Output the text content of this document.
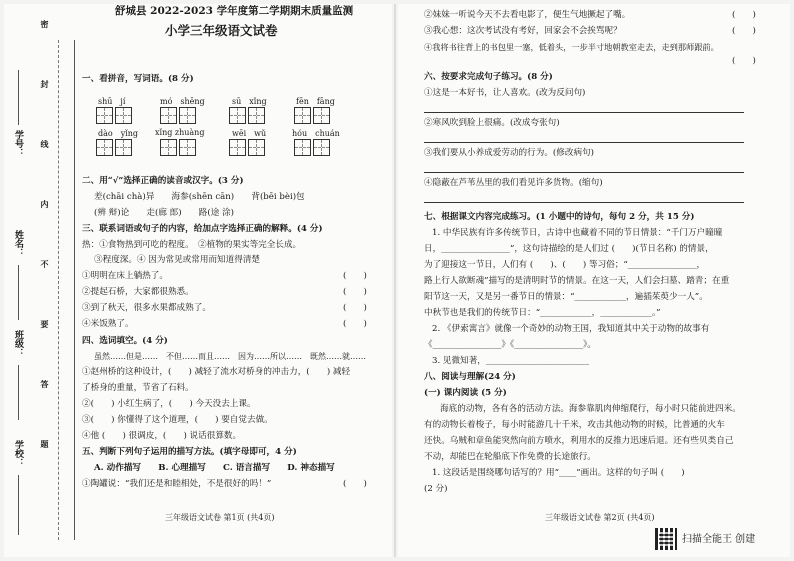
密　　封　　线　　内　　不　　要　　答　　题
学号：
姓名：
班级：
学校：
舒城县 2022-2023 学年度第二学期期末质量监测
小学三年级语文试卷
一、看拼音，写词语。(8 分)
shū　jí	mó　shēng	sū　xǐng	fēn　fāng
dào　yǐng xǐng zhuàng	wēi　wǔ	hóu　chuán
二、用“√”选择正确的读音或汉字。(3 分)
差(chāi chà)异　　海参(shēn cān)　　背(bēi bèi)包
(辨 辩)论　　走(廊 郎)　　路(途 涂)
三、联系词语或句子的内容，给加点字选择正确的解释。(4 分)
热：①食物热到可吃的程度。　②植物的果实等完全长成。
③程度深。④ 因为常见或常用而知道得清楚
①明明在床上躺热了。	(　　)
②提起石桥，大家都很熟悉。	(　　)
③到了秋天，很多水果都成熟了。	(　　)
④米饭熟了。	(　　)
四、选词填空。(4 分)
虽然……但是……　不但……而且……　因为……所以……　既然……就……
①赵州桥的这种设计，(　　) 减轻了流水对桥身的冲击力，(　　) 减轻
了桥身的重量，节省了石料。
②(　　) 小红生病了，(　　) 今天没去上课。
③(　　) 你懂得了这个道理，(　　) 要自觉去做。
④他 (　　) 很调皮，(　　) 说话很算数。
五、判断下列句子运用的描写方法。(填字母即可，4 分)
A. 动作描写　　B. 心理描写　　C. 语言描写　　D. 神态描写
①陶罐说：“我们还是和睦相处，不是很好的吗！”	(　　)
三年级语文试卷 第1页 (共4页)
②妹妹一听说今天不去看电影了，便生气地撅起了嘴。	(　　)
③我心想：这次考试没有考好，回家会不会挨骂呢？	(　　)
④我将书往背上的书包里一塞，低着头，一步半寸地朝教室走去，走到那师跟前。
(　　)
六、按要求完成句子练习。(8 分)
①这是一本好书，让人喜欢。(改为反问句)
②寒风吹到脸上很痛。(改成夸张句)
③我们要从小养成爱劳动的行为。(修改病句)
④隐蔽在芦苇丛里的我们看见许多货物。(缩句)
七、根据课文内容完成练习。(1 小题中的诗句，每句 2 分，共 15 分)
1. 中华民族有许多传统节日，古诗中也藏着不同的节日情景：“千门万户曈曈
日，________________”，这句诗描绘的是人们过 (　　)(节日名称) 的情景，
为了迎接这一节日，人们有 (　　)、(　　) 等习俗；“________________，
路上行人欲断魂”描写的是清明时节的情景。在这一天，人们会扫墓、踏青；在重
阳节这一天，又是另一番节日的情景：“____________，遍插茱萸少一人”。
中秋节也是我们的传统节日：“____________，____________。”
2. 《伊索寓言》就像一个奇妙的动物王国，我知道其中关于动物的故事有
《________________》《________________》。
3. 见微知著，________________________
八、阅读与理解(24 分)
(一) 课内阅读 (5 分)
海底的动物，各有各的活动方法。海参靠肌肉伸缩爬行，每小时只能前进四米。
有的动物长着梭子，每小时能游几十千米，攻击其他动物的时候，比普通的火车
还快。乌贼和章鱼能突然向前方喷水，利用水的反推力迅速后退。还有些贝类自己
不动，却能巴在轮船底下作免费的长途旅行。
1. 这段话是围绕哪句话写的？用“____”画出。这样的句子叫 (　　)
(2 分)
三年级语文试卷 第2页 (共4页)
扫描全能王 创建
